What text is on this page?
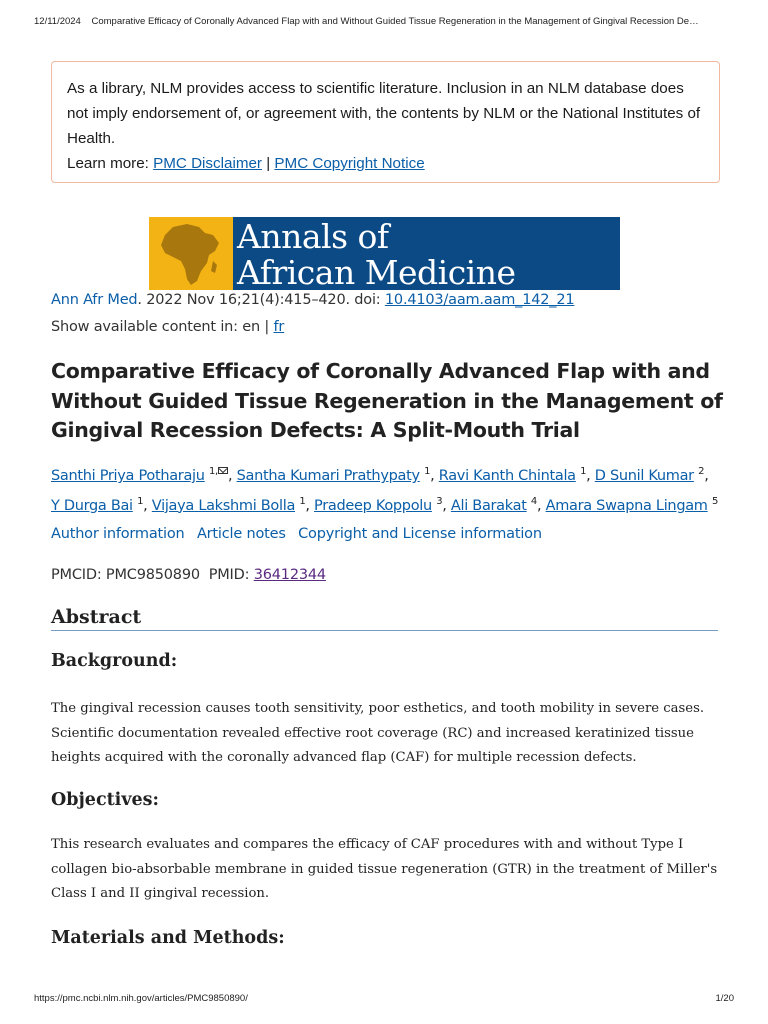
12/11/2024 Comparative Efficacy of Coronally Advanced Flap with and Without Guided Tissue Regeneration in the Management of Gingival Recession De…

As a library, NLM provides access to scientific literature. Inclusion in an NLM database does not imply endorsement of, or agreement with, the contents by NLM or the National Institutes of Health.

Learn more: PMC Disclaimer | PMC Copyright Notice

Annals of
African Medicine
Ann Afr Med. 2022 Nov 16;21(4):415–420. doi: 10.4103/aam.aam_142_21
Show available content in: en | fr
Comparative Efficacy of Coronally Advanced Flap with and Without Guided Tissue Regeneration in the Management of Gingival Recession Defects: A Split-Mouth Trial
Santhi Priya Potharaju $^{1,}$ , Santha Kumari Prathypaty $^1$, Ravi Kanth Chintala $^1$, D Sunil Kumar $^2$, Y Durga Bai $^1$, Vijaya Lakshmi Bolla $^1$, Pradeep Koppolu $^3$, Ali Barakat $^4$, Amara Swapna Lingam $^5$
Author information Article notes Copyright and License information
PMCID: PMC9850890 PMID: 36412344
Abstract
Background:

The gingival recession causes tooth sensitivity, poor esthetics, and tooth mobility in severe cases. Scientific documentation revealed effective root coverage (RC) and increased keratinized tissue heights acquired with the coronally advanced flap (CAF) for multiple recession defects.

Objectives:

This research evaluates and compares the efficacy of CAF procedures with and without Type I collagen bio-absorbable membrane in guided tissue regeneration (GTR) in the treatment of Miller's Class I and II gingival recession.

Materials and Methods:
https://pmc.ncbi.nlm.nih.gov/articles/PMC9850890/	1/20
